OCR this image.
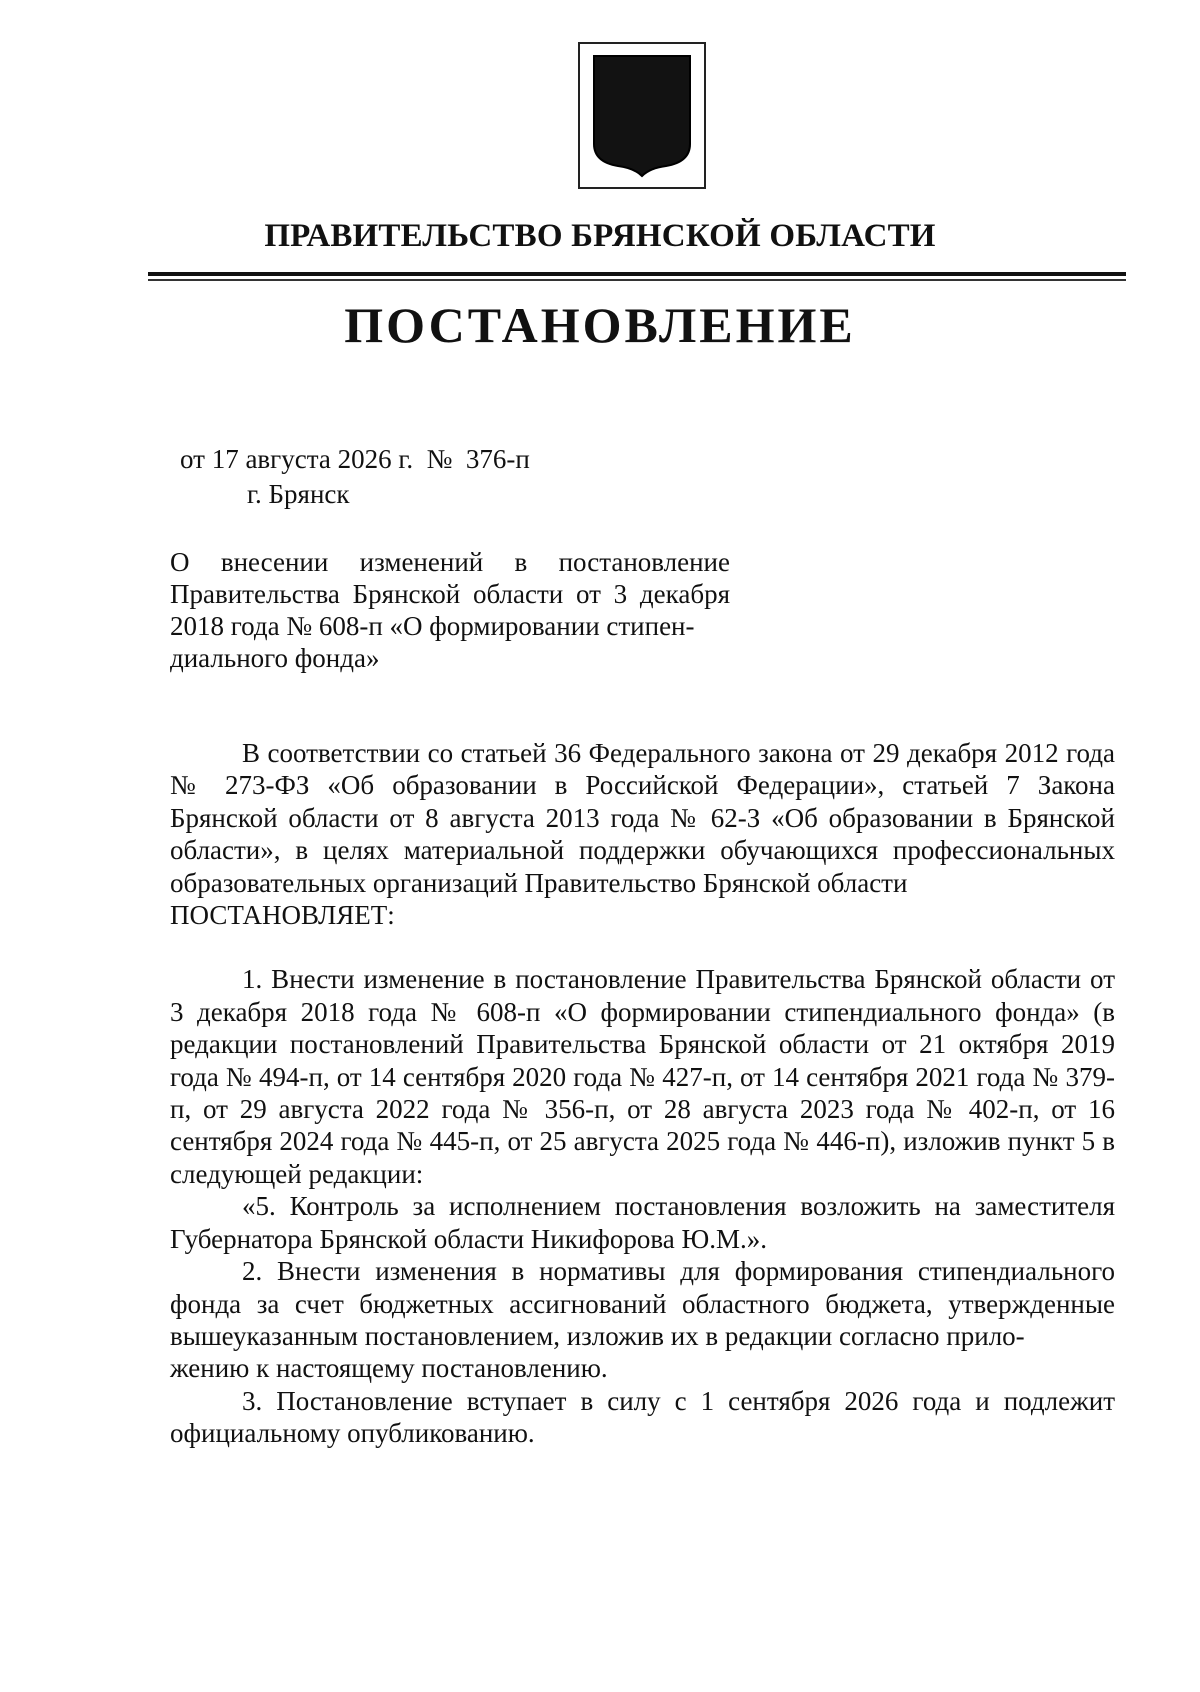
ПРАВИТЕЛЬСТВО БРЯНСКОЙ ОБЛАСТИ
ПОСТАНОВЛЕНИЕ
от 17 августа 2026 г.  №  376-п
г. Брянск

О внесении изменений в постановление Правительства Брянской области от 3 декабря 2018 года № 608-п «О формировании стипен-

диального фонда»

В соответствии со статьей 36 Федерального закона от 29 декабря 2012 года № 273-ФЗ «Об образовании в Российской Федерации», статьей 7 Закона Брянской области от 8 августа 2013 года № 62-З «Об образовании в Брянской области», в целях материальной поддержки обучающихся профессиональных образовательных организаций Правительство Брянской области

ПОСТАНОВЛЯЕТ:

1. Внести изменение в постановление Правительства Брянской области от 3 декабря 2018 года № 608-п «О формировании стипендиального фонда» (в редакции постановлений Правительства Брянской области от 21 октября 2019 года № 494-п, от 14 сентября 2020 года № 427-п, от 14 сентября 2021 года № 379-п, от 29 августа 2022 года № 356-п, от 28 августа 2023 года № 402-п, от 16 сентября 2024 года № 445-п, от 25 августа 2025 года № 446-п), изложив пункт 5 в следующей редакции:

«5. Контроль за исполнением постановления возложить на заместителя Губернатора Брянской области Никифорова Ю.М.».

2. Внести изменения в нормативы для формирования стипендиального фонда за счет бюджетных ассигнований областного бюджета, утвержденные вышеуказанным постановлением, изложив их в редакции согласно прило-

жению к настоящему постановлению.

3. Постановление вступает в силу с 1 сентября 2026 года и подлежит официальному опубликованию.
